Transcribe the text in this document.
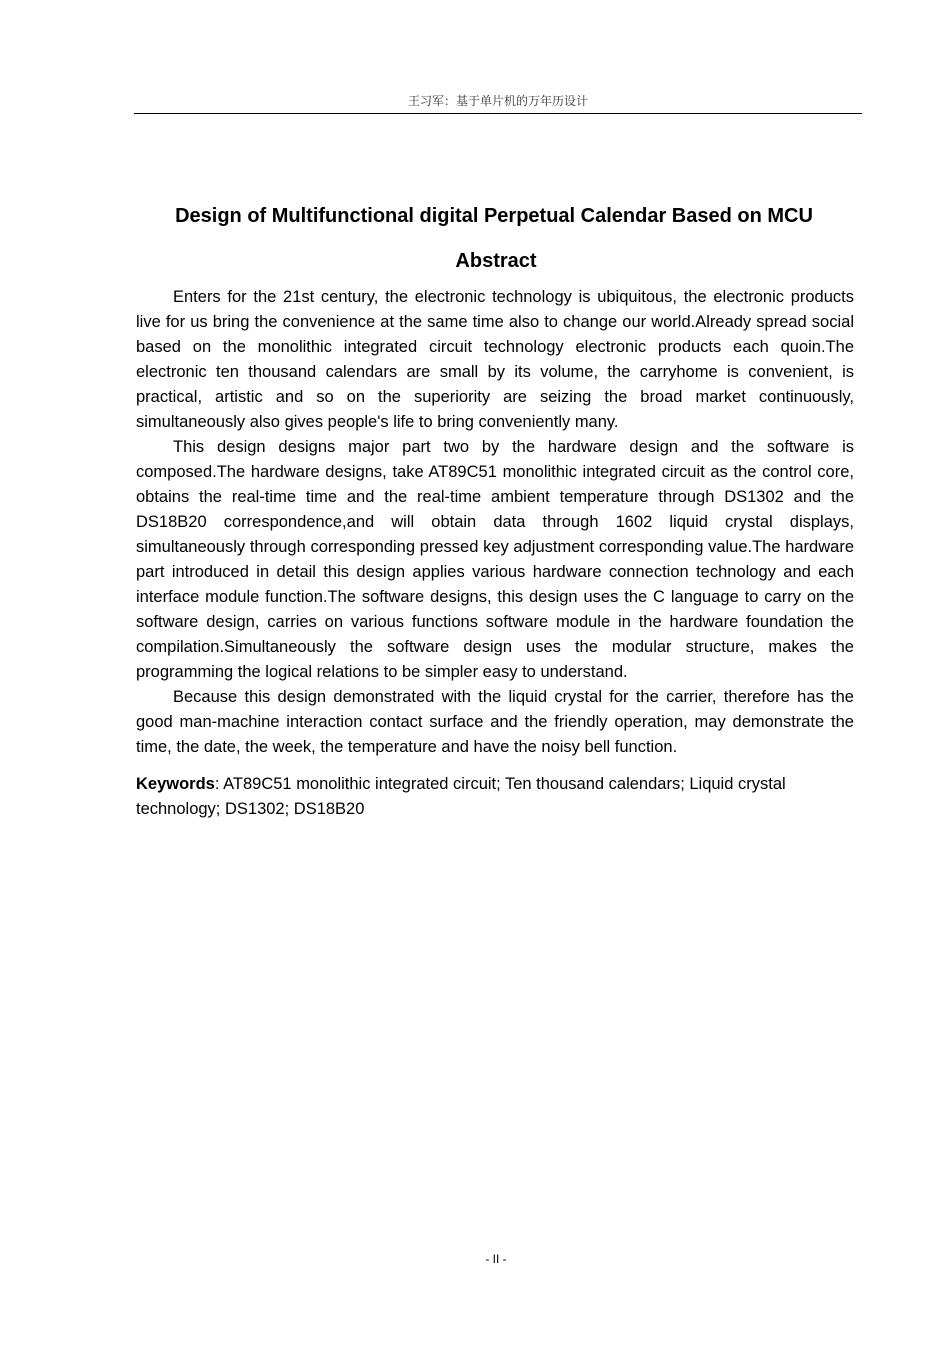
王习军：基于单片机的万年历设计
Design of Multifunctional digital Perpetual Calendar Based on MCU
Abstract

Enters for the 21st century, the electronic technology is ubiquitous, the electronic products live for us bring the convenience at the same time also to change our world.Already spread social based on the monolithic integrated circuit technology electronic products each quoin.The electronic ten thousand calendars are small by its volume, the carryhome is convenient, is practical, artistic and so on the superiority are seizing the broad market continuously, simultaneously also gives people's life to bring conveniently many.

This design designs major part two by the hardware design and the software is composed.The hardware designs, take AT89C51 monolithic integrated circuit as the control core, obtains the real-time time and the real-time ambient temperature through DS1302 and the DS18B20 correspondence,and will obtain data through 1602 liquid crystal displays, simultaneously through corresponding pressed key adjustment corresponding value.The hardware part introduced in detail this design applies various hardware connection technology and each interface module function.The software designs, this design uses the C language to carry on the software design, carries on various functions software module in the hardware foundation the compilation.Simultaneously the software design uses the modular structure, makes the programming the logical relations to be simpler easy to understand.

Because this design demonstrated with the liquid crystal for the carrier, therefore has the good man-machine interaction contact surface and the friendly operation, may demonstrate the time, the date, the week, the temperature and have the noisy bell function.

Keywords: AT89C51 monolithic integrated circuit; Ten thousand calendars; Liquid crystal technology; DS1302; DS18B20

- II -
